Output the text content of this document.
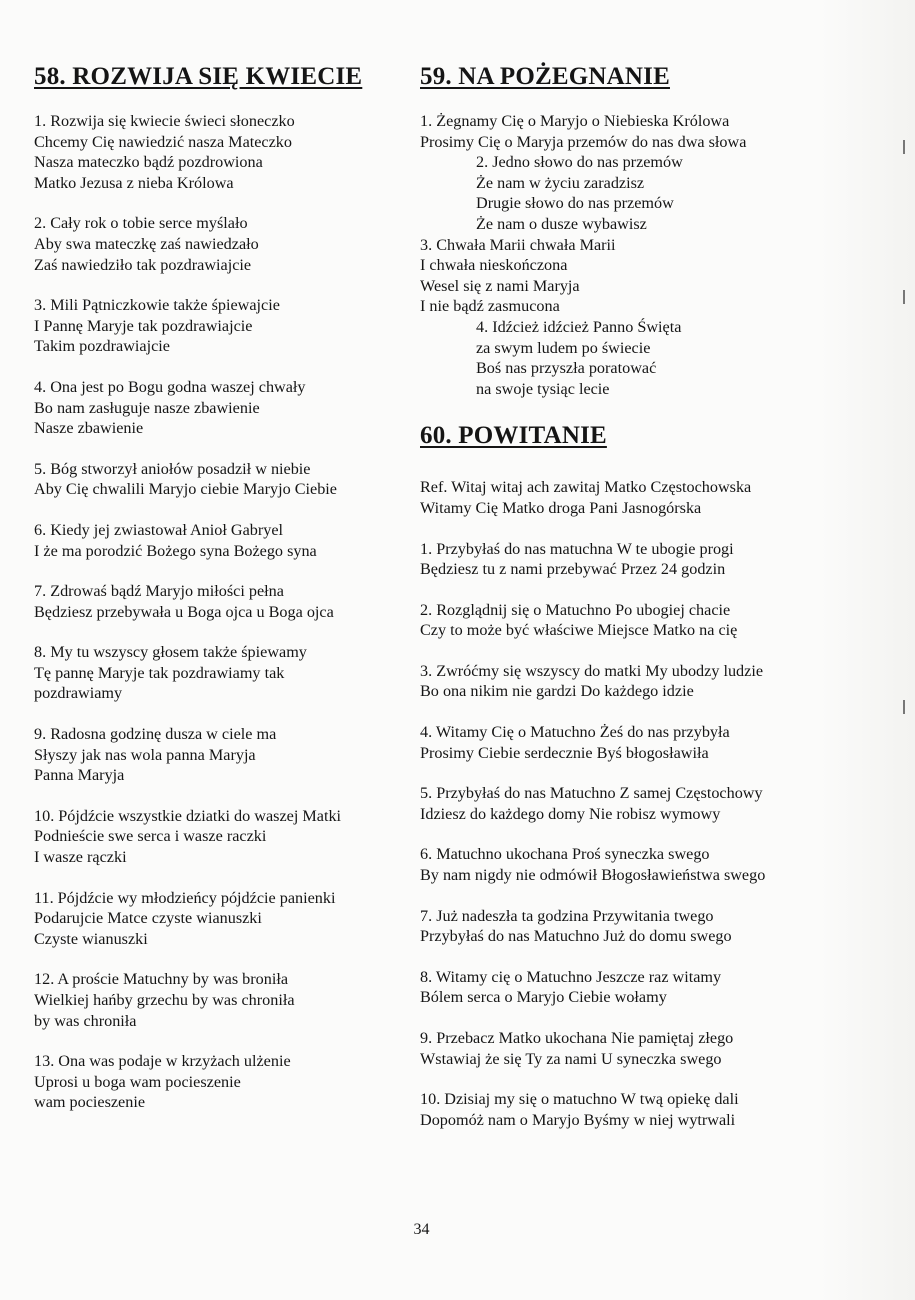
58. ROZWIJA SIĘ KWIECIE

1. Rozwija się kwiecie świeci słoneczko
Chcemy Cię nawiedzić nasza Mateczko
Nasza mateczko bądź pozdrowiona
Matko Jezusa z nieba Królowa

2. Cały rok o tobie serce myślało
Aby swa mateczkę zaś nawiedzało
Zaś nawiedziło tak pozdrawiajcie

3. Mili Pątniczkowie także śpiewajcie
I Pannę Maryje tak pozdrawiajcie
Takim pozdrawiajcie

4. Ona jest po Bogu godna waszej chwały
Bo nam zasługuje nasze zbawienie
Nasze zbawienie

5. Bóg stworzył aniołów posadził w niebie
Aby Cię chwalili Maryjo ciebie Maryjo Ciebie

6. Kiedy jej zwiastował Anioł Gabryel
I że ma porodzić Bożego syna Bożego syna

7. Zdrowaś bądź Maryjo miłości pełna
Będziesz przebywała u Boga ojca u Boga ojca

8. My tu wszyscy głosem także śpiewamy
Tę pannę Maryje tak pozdrawiamy tak
pozdrawiamy

9. Radosna godzinę dusza w ciele ma
Słyszy jak nas wola panna Maryja
Panna Maryja

10. Pójdźcie wszystkie dziatki do waszej Matki
Podnieście swe serca i wasze raczki
I wasze rączki

11. Pójdźcie wy młodzieńcy pójdźcie panienki
Podarujcie Matce czyste wianuszki
Czyste wianuszki

12. A proście Matuchny by was broniła
Wielkiej hańby grzechu by was chroniła
by was chroniła

13. Ona was podaje w krzyżach ulżenie
Uprosi u boga wam pocieszenie
wam pocieszenie

59. NA POŻEGNANIE

1. Żegnamy Cię o Maryjo o Niebieska Królowa
Prosimy Cię o Maryja przemów do nas dwa słowa

2. Jedno słowo do nas przemów
Że nam w życiu zaradzisz
Drugie słowo do nas przemów
Że nam o dusze wybawisz

3. Chwała Marii chwała Marii
I chwała nieskończona
Wesel się z nami Maryja
I nie bądź zasmucona

4. Idźcież idźcież Panno Święta
za swym ludem po świecie
Boś nas przyszła poratować
na swoje tysiąc lecie

60. POWITANIE

Ref. Witaj witaj ach zawitaj Matko Częstochowska
Witamy Cię Matko droga Pani Jasnogórska

1. Przybyłaś do nas matuchna W te ubogie progi
Będziesz tu z nami przebywać Przez 24 godzin

2. Rozglądnij się o Matuchno Po ubogiej chacie
Czy to może być właściwe Miejsce Matko na cię

3. Zwróćmy się wszyscy do matki My ubodzy ludzie
Bo ona nikim nie gardzi Do każdego idzie

4. Witamy Cię o Matuchno Żeś do nas przybyła
Prosimy Ciebie serdecznie Byś błogosławiła

5. Przybyłaś do nas Matuchno Z samej Częstochowy
Idziesz do każdego domy Nie robisz wymowy

6. Matuchno ukochana Proś syneczka swego
By nam nigdy nie odmówił Błogosławieństwa swego

7. Już nadeszła ta godzina Przywitania twego
Przybyłaś do nas Matuchno Już do domu swego

8. Witamy cię o Matuchno Jeszcze raz witamy
Bólem serca o Maryjo Ciebie wołamy

9. Przebacz Matko ukochana Nie pamiętaj złego
Wstawiaj że się Ty za nami U syneczka swego

10. Dzisiaj my się o matuchno W twą opiekę dali
Dopomóż nam o Maryjo Byśmy w niej wytrwali

34
